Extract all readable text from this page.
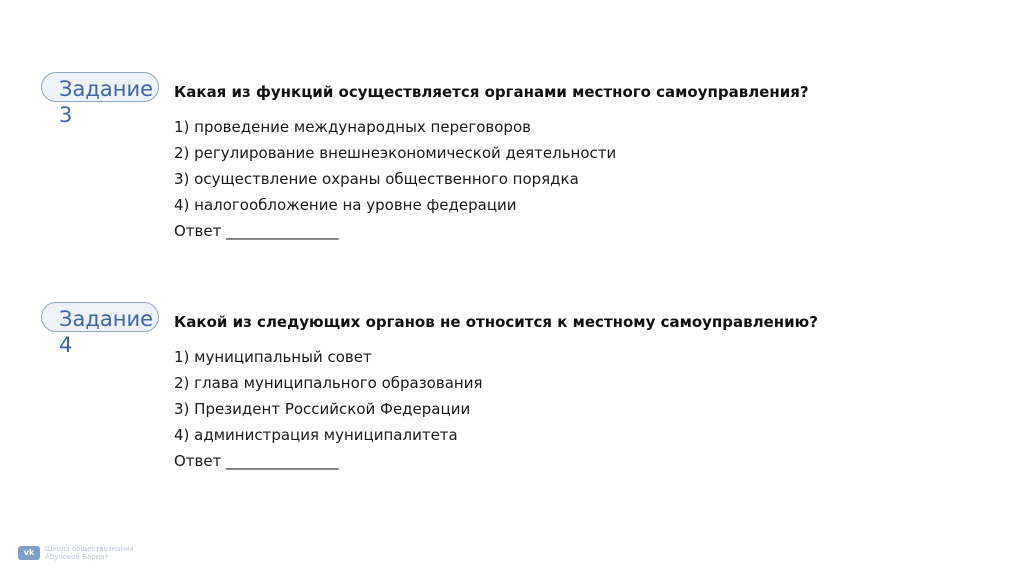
Задание 3
Какая из функций осуществляется органами местного самоуправления?
1) проведение международных переговоров
2) регулирование внешнеэкономической деятельности
3) осуществление охраны общественного порядка
4) налогообложение на уровне федерации
Ответ _______________
Задание 4
Какой из следующих органов не относится к местному самоуправлению?
1) муниципальный совет
2) глава муниципального образования
3) Президент Российской Федерации
4) администрация муниципалитета
Ответ _______________
vk	Школа обществознания
Абуловой Барият
